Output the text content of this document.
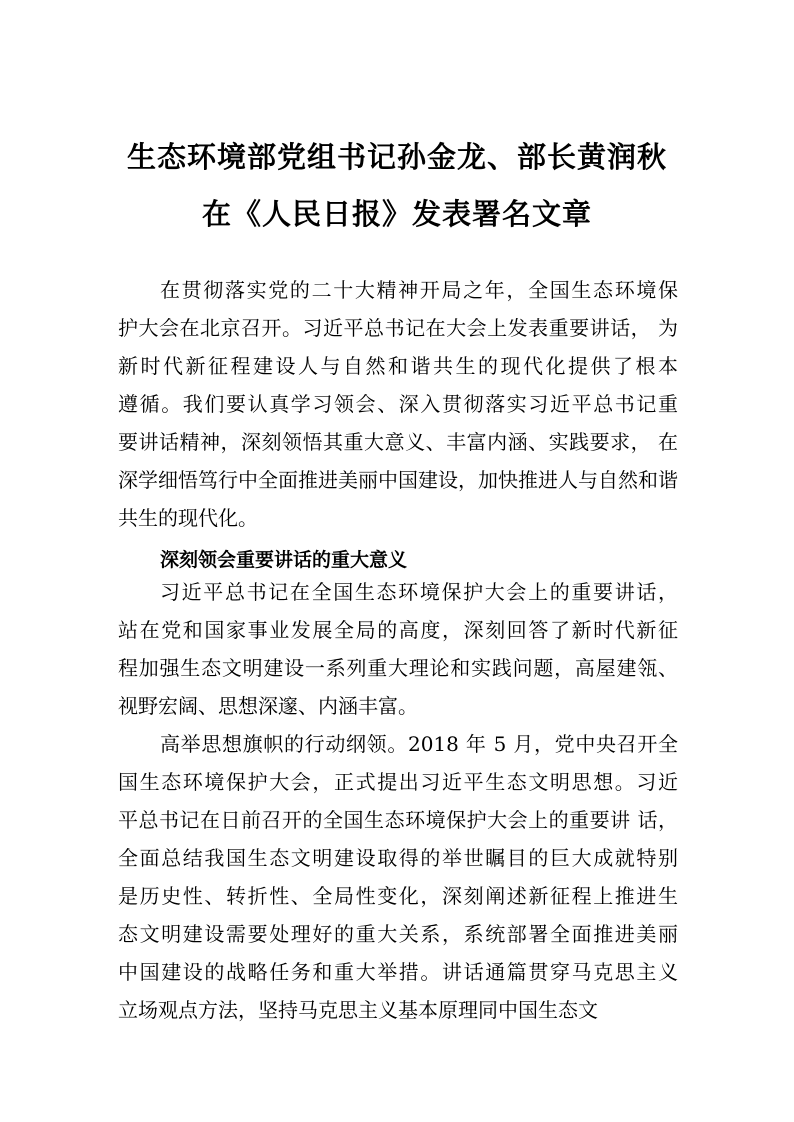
生态环境部党组书记孙金龙、部长黄润秋
在《人民日报》发表署名文章
在贯彻落实党的二十大精神开局之年，全国生态环境保
护大会在北京召开。习近平总书记在大会上发表重要讲话， 为
新时代新征程建设人与自然和谐共生的现代化提供了根本
遵循。我们要认真学习领会、深入贯彻落实习近平总书记重
要讲话精神，深刻领悟其重大意义、丰富内涵、实践要求， 在
深学细悟笃行中全面推进美丽中国建设，加快推进人与自然和谐
共生的现代化。
深刻领会重要讲话的重大意义
习近平总书记在全国生态环境保护大会上的重要讲话，
站在党和国家事业发展全局的高度，深刻回答了新时代新征
程加强生态文明建设一系列重大理论和实践问题，高屋建瓴、
视野宏阔、思想深邃、内涵丰富。
高举思想旗帜的行动纲领。2018 年 5 月，党中央召开全
国生态环境保护大会，正式提出习近平生态文明思想。习近
平总书记在日前召开的全国生态环境保护大会上的重要讲 话，
全面总结我国生态文明建设取得的举世瞩目的巨大成就特别
是历史性、转折性、全局性变化，深刻阐述新征程上推进生
态文明建设需要处理好的重大关系，系统部署全面推进美丽
中国建设的战略任务和重大举措。讲话通篇贯穿马克思主义
立场观点方法，坚持马克思主义基本原理同中国生态文
